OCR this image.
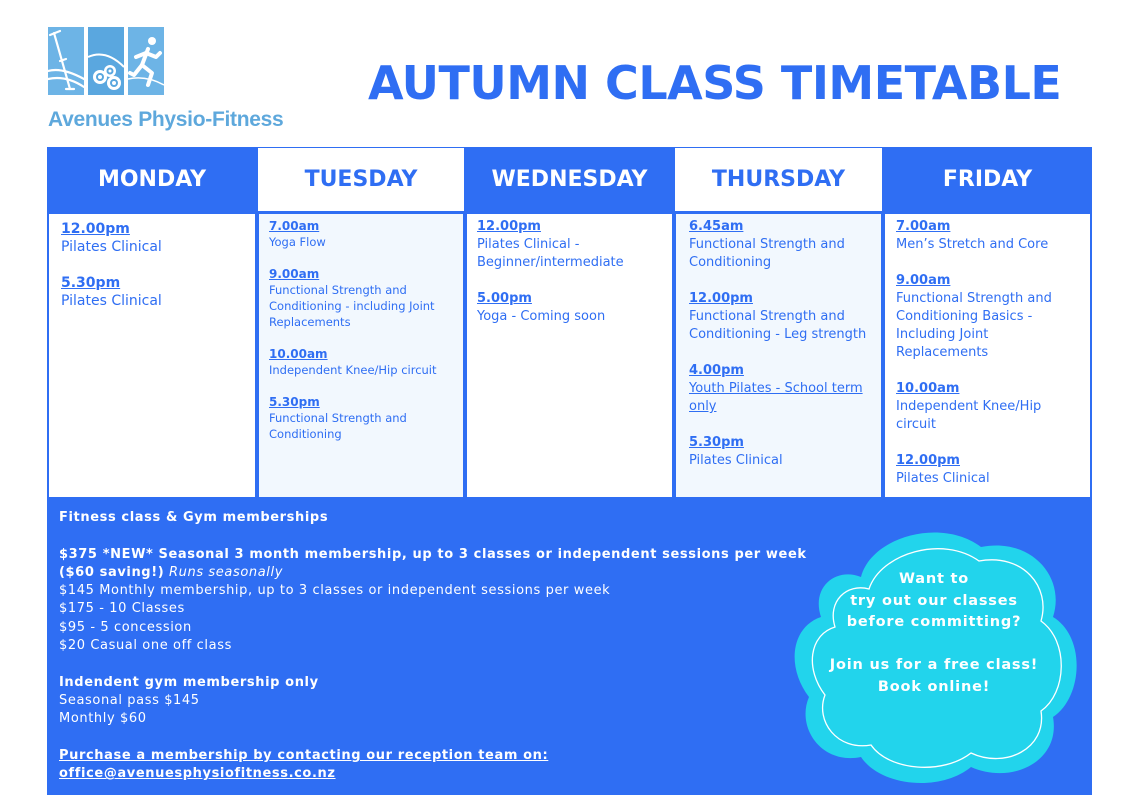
Avenues Physio-Fitness
AUTUMN CLASS TIMETABLE
MONDAY
12.00pm
Pilates Clinical
5.30pm
Pilates Clinical
TUESDAY
7.00am
Yoga Flow
9.00am
Functional Strength and Conditioning - including Joint Replacements
10.00am
Independent Knee/Hip circuit
5.30pm
Functional Strength and Conditioning
WEDNESDAY
12.00pm
Pilates Clinical - Beginner/intermediate
5.00pm
Yoga - Coming soon
THURSDAY
6.45am
Functional Strength and Conditioning
12.00pm
Functional Strength and Conditioning - Leg strength
4.00pm
Youth Pilates - School term only
5.30pm
Pilates Clinical
FRIDAY
7.00am
Men’s Stretch and Core
9.00am
Functional Strength and Conditioning Basics - Including Joint Replacements
10.00am
Independent Knee/Hip circuit
12.00pm
Pilates Clinical
Fitness class & Gym memberships
$375 *NEW* Seasonal 3 month membership, up to 3 classes or independent sessions per week
($60 saving!) Runs seasonally
$145 Monthly membership, up to 3 classes or independent sessions per week
$175 - 10 Classes
$95 - 5 concession
$20 Casual one off class
Indendent gym membership only
Seasonal pass $145
Monthly $60
Purchase a membership by contacting our reception team on:
office@avenuesphysiofitness.co.nz
Want to
try out our classes
before committing?
Join us for a free class!
Book online!
